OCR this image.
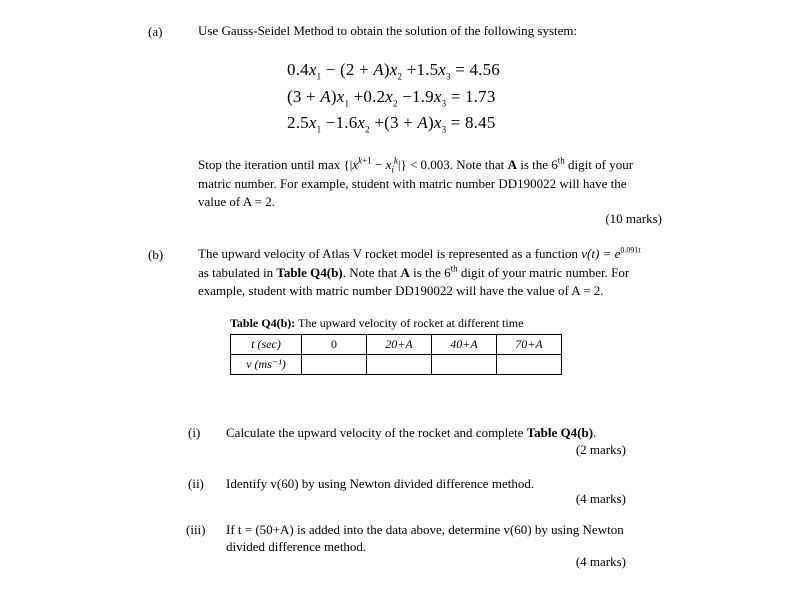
(a)	Use Gauss-Seidel Method to obtain the solution of the following system:
$0.4x_1 - (2 + A)x_2 +1.5x_3 = 4.56$
$(3 + A)x_1 +0.2x_2 -1.9x_3 = 1.73$
$2.5x_1 -1.6x_2 +(3 + A)x_3 = 8.45$
Stop the iteration until $\max \{|x^{k+1} - x_i^k|\} < 0.003$. Note that A is the 6th digit of your
matric number. For example, student with matric number DD190022 will have the
value of A = 2.
(10 marks)
(b)	The upward velocity of Atlas V rocket model is represented as a function $v(t) = e^{0.091t}$
as tabulated in Table Q4(b). Note that A is the 6th digit of your matric number. For
example, student with matric number DD190022 will have the value of A = 2.
Table Q4(b): The upward velocity of rocket at different time
t (sec)	0	20+A	40+A	70+A
v (ms⁻¹)				
(i) Calculate the upward velocity of the rocket and complete Table Q4(b).
(2 marks)
(ii) Identify v(60) by using Newton divided difference method.
(4 marks)
(iii) If t = (50+A) is added into the data above, determine v(60) by using Newton
divided difference method.
(4 marks)
